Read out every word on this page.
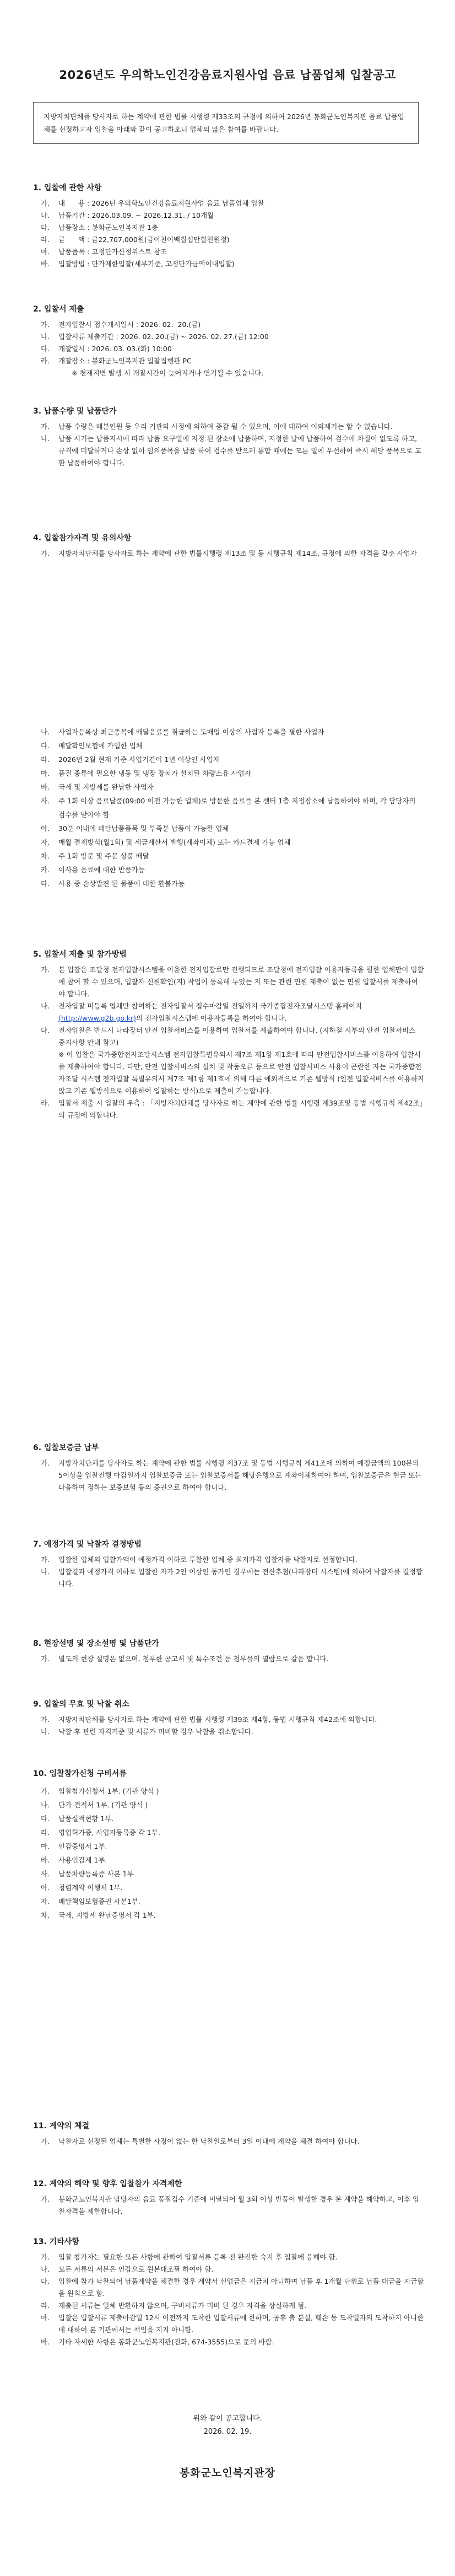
2026년도 우의학노인건강음료지원사업 음료 납품업체 입찰공고
지방자치단체를 당사자로 하는 계약에 관한 법률 시행령 제33조의 규정에 의하여 2026년 봉화군노인복지관 음료 납품업체를 선정하고자 입찰을 아래와 같이 공고하오니 업체의 많은 참여를 바랍니다.
1. 입찰에 관한 사항
가.	내      용 : 2026년 우의학노인건강음료지원사업 음료 납품업체 입찰
나.	납품기간 : 2026.03.09. ~ 2026.12.31. / 10개월
다.	납품장소 : 봉화군노인복지관 1층
라.	금      액 : 금22,707,000원(금이천이백칠십만칠천원정)
마.	납품품목 : 고정단가산정위스트 참조
바.	입찰방법 : 단가제한입찰(세부기준, 고정단가금액이내입찰)
2. 입찰서 제출
가.	전자입찰서 접수개시일시 : 2026. 02.  20.(금)
나.	입찰서류 제출기간 : 2026. 02. 20.(금) ~ 2026. 02. 27.(금) 12:00
다.	개찰일시 : 2026. 03. 03.(화) 10:00
라.	개찰장소 : 봉화군노인복지관 입찰집행관 PC
※ 천재지변 발생 시 개찰시간이 늦어지거나 연기될 수 있습니다.
3. 납품수량 및 납품단가
가.	납품 수량은 배분인원 등 우리 기관의 사정에 의하여 증감 될 수 있으며, 이에 대하여 이의제기는 할 수 없습니다.
나.	납품 시기는 납품지시에 따라 납품 요구일에 지정 된 장소에 납품하며, 지정한 날에 납품하여 검수에 차질이 없도록 하고, 규격에 미달하거나 손상 없이 임의품목을 납품 하여 검수를 받으러 통합 때에는 모든 일에 우선하여 즉시 해당 품목으로 교환 납품하여야 합니다.
4. 입찰참가자격 및 유의사항
가.	지방자치단체를 당사자로 하는 계약에 관한 법률시행령 제13조 및 동 시행규칙 제14조, 규정에 의한 자격을 갖춘 사업자
나.	사업자등록상 최근종목에 배달음료를 취급하는 도매업 이상의 사업자 등록을 필한 사업자
다.	배달확인보험에 가입한 업체
라.	2026년 2월 현재 기준 사업기간이 1년 이상인 사업자
마.	품질 종류에 필요한 냉동 및 냉장 장치가 설치된 차량소유 사업자
바.	국세 및 지방세를 완납한 사업자
사.	주 1회 이상 음료납품(09:00 이전 가능한 업체)로 방문한 음료를 본 센터 1층 지정장소에 납품하여야 하며, 각 담당자의 검수를 받아야 함
아.	30분 이내에 배달납품품목 및 부족분 납품이 가능한 업체
자.	매월 결제방식(월1회) 및 세금계산서 발행(계좌이체) 또는 카드결제 가능 업체
차.	주 1회 방문 및 주문 상품 배달
카.	이사용 음료에 대한 반품가능
타.	사용 중 손상발견 된 물품에 대한 환불가능
5. 입찰서 제출 및 참가방법
가.	본 입찰은 조달청 전자입찰시스템을 이용한 전자입찰로만 진행되므로 조달청에 전자입찰 이용자등록을 필한 업체만이 입찰에 참여 할 수 있으며, 입찰자 신원확인(지) 작업이 등록해 두었는 지 또는 관련 민원 제출이 없는 민원 입찰서를 제출하여야 합니다.
나.	전자입찰 미등록 업체만 참여하는 전자입찰서 접수마감일 전일까지 국가종합전자조달시스템 홈페이지(http://www.g2b.go.kr)의 전자입찰시스템에 이용자등록을 하여야 합니다.
다.	전자입찰은 반드시 나라장터 안전 입찰서비스를 이용하여 입찰서를 제출하여야 합니다. (지하철 시부의 안전 입찰서비스 중지사항 안내 참고)
※ 이 입찰은 국가종합전자조달시스템 전자입찰특별유의서 제7조 제1항 제1호에 따라 안전입찰서비스를 이용하여 입찰서를 제출하여야 합니다. 다만, 안전 입찰서비스의 설치 및 작동오류 등으로 안전 입찰서비스 사용이 곤란한 자는 국가종합전자조달 시스템 전자입찰 특별유의서 제7조 제1항 제1호에 의해 다른 예외적으로 기존 웹방식 (인전 입찰서비스를 이용하지 않고 기존 웹방식으로 이용하여 입찰하는 방식)으로 제출이 가능합니다.
라.	입찰서 제출 시 입찰의 우측 : 「지방자치단체를 당사자로 하는 계약에 관한 법률 시행령 제39조및 동법 시행규칙 제42조」의 규정에 의합니다.
6. 입찰보증금 납부
가.	지방자치단체를 당사자로 하는 계약에 관한 법률 시행령 제37조 및 동법 시행규칙 제41조에 의하여 예정금액의 100분의 5이상을 입찰진행 마감일까지 입찰보증금 또는 입찰보증서를 해당은행으로 계좌이체하여야 하며, 입찰보증금은 현금 또는 다음하여 정하는 보증보험 등의 증권으로 하여야 합니다.
7. 예정가격 및 낙찰자 결정방법
가.	입찰한 업체의 입찰가액이 예정가격 이하로 투찰한 업체 중 최저가격 입찰자를 낙찰자로 선정합니다.
나.	입찰결과 예정가격 이하로 입찰한 자가 2인 이상인 동가인 경우에는 전산추첨(나라장터 시스템)에 의하여 낙찰자를 결정합니다.
8. 현장설명 및 장소설명 및 납품단가
가.	별도의 현장 설명은 없으며, 첨부한 공고서 및 특수조건 등 첨부물의 열람으로 갈음 합니다.
9. 입찰의 무효 및 낙찰 취소
가.	지방자치단체를 당사자로 하는 계약에 관한 법률 시행령 제39조 제4항, 동법 시행규칙 제42조에 의합니다.
나.	낙찰 후 관련 자격기준 및 서류가 미비할 경우 낙찰을 취소합니다.
10. 입찰참가신청 구비서류
가.	입찰참가신청서 1부. (기관 양식 )
나.	단가 견적서 1부. (기관 양식 )
다.	납품실적현황 1부.
라.	영업허가증, 사업자등록증 각 1부.
마.	인감증명서 1부.
바.	사용인감계 1부.
사.	납품차량등록증 사본 1부
아.	청렴계약 이행서 1부.
자.	배달책임보험증권 사본1부.
차.	국세, 지방세 완납증명서 각 1부.
11. 계약의 체결
가.	낙찰자로 선정된 업체는 특별한 사정이 없는 한 낙찰일로부터 3일 이내에 계약을 체결 하여야 합니다.
12. 계약의 해약 및 향후 입찰참가 자격제한
가.	봉화군노인복지관 담당자의 음료 품질검수 기준에 미달되어 월 3회 이상 반품이 발생한 경우 본 계약을 해약하고, 이후 입찰자격을 제한합니다.
13. 기타사항
가.	입찰 참가자는 필요한 모든 사항에 관하여 입찰서류 등록 전 완전한 숙지 후 입찰에 응해야 함.
나.	모든 서류의 서본은 인감으로 원본대조필 하여야 함.
다.	입찰에 참가 낙찰되어 납품계약을 체결한 경우 계약서 신업금은 지급치 아니하며 납품 후 1개월 단위로 납품 대금을 지급함을 원칙으로 함.
라.	제출된 서류는 일체 반환하지 않으며, 구비서류가 미비 된 경우 자격을 상실하게 됨.
마.	입찰은 입찰서류 제출마감일 12시 이전까지 도착한 입찰서류에 한하며, 공휴 출 분실, 훼손 등 도착일자의 도착하지 아니한데 대하여 본 기관에서는 책임을 지지 아니함.
바.	기타 자세한 사항은 봉화군노인복지관(전화, 674-3555)으로 문의 바람.
위와 같이 공고합니다.
2026. 02. 19.
봉화군노인복지관장
